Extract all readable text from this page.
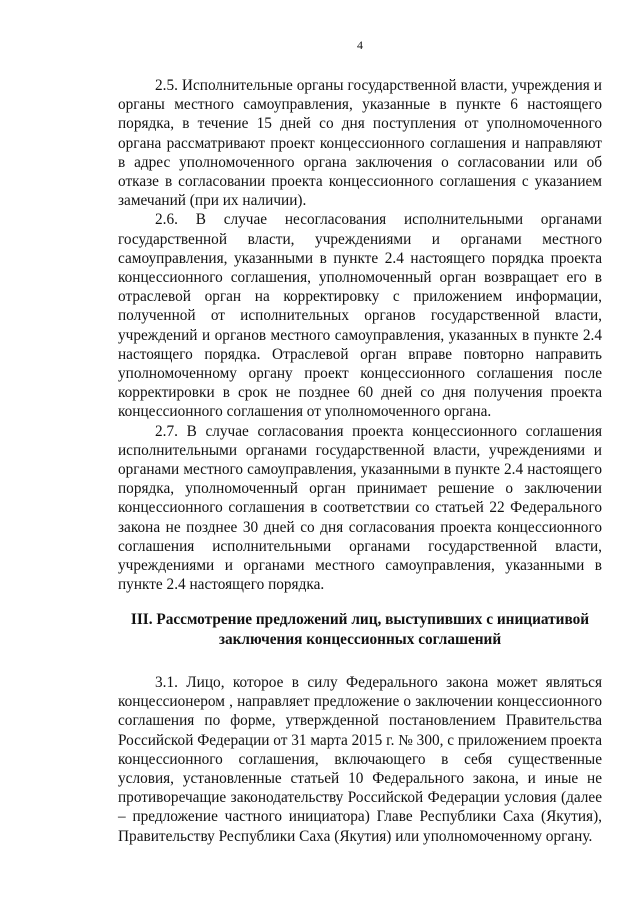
4

2.5. Исполнительные органы государственной власти, учреждения и органы местного самоуправления, указанные в пункте 6 настоящего порядка, в течение 15 дней со дня поступления от уполномоченного органа рассматривают проект концессионного соглашения и направляют в адрес уполномоченного органа заключения о согласовании или об отказе в согласовании проекта концессионного соглашения с указанием замечаний (при их наличии).

2.6. В случае несогласования исполнительными органами государственной власти, учреждениями и органами местного самоуправления, указанными в пункте 2.4 настоящего порядка проекта концессионного соглашения, уполномоченный орган возвращает его в отраслевой орган на корректировку с приложением информации, полученной от исполнительных органов государственной власти, учреждений и органов местного самоуправления, указанных в пункте 2.4 настоящего порядка. Отраслевой орган вправе повторно направить уполномоченному органу проект концессионного соглашения после корректировки в срок не позднее 60 дней со дня получения проекта концессионного соглашения от уполномоченного органа.

2.7. В случае согласования проекта концессионного соглашения исполнительными органами государственной власти, учреждениями и органами местного самоуправления, указанными в пункте 2.4 настоящего порядка, уполномоченный орган принимает решение о заключении концессионного соглашения в соответствии со статьей 22 Федерального закона не позднее 30 дней со дня согласования проекта концессионного соглашения исполнительными органами государственной власти, учреждениями и органами местного самоуправления, указанными в пункте 2.4 настоящего порядка.

III. Рассмотрение предложений лиц, выступивших с инициативой
заключения концессионных соглашений

3.1. Лицо, которое в силу Федерального закона может являться концессионером , направляет предложение о заключении концессионного соглашения по форме, утвержденной постановлением Правительства Российской Федерации от 31 марта 2015 г. № 300, с приложением проекта концессионного соглашения, включающего в себя существенные условия, установленные статьей 10 Федерального закона, и иные не противоречащие законодательству Российской Федерации условия (далее – предложение частного инициатора) Главе Республики Саха (Якутия), Правительству Республики Саха (Якутия) или уполномоченному органу.
